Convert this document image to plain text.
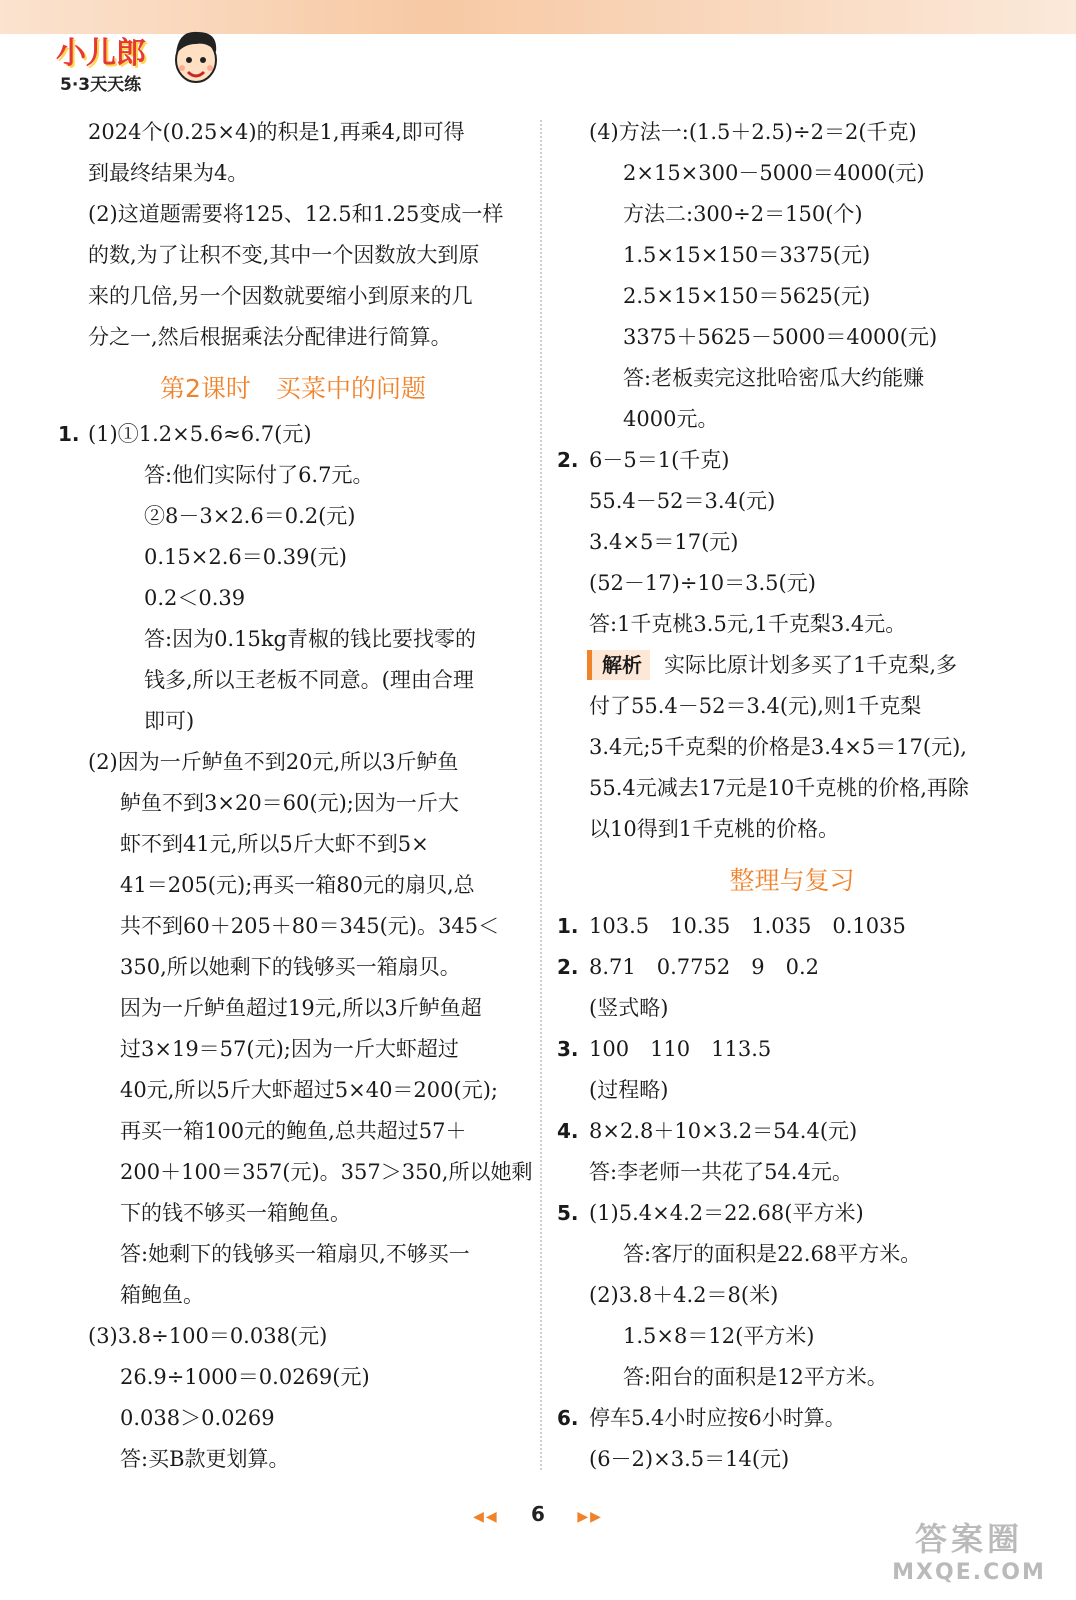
小儿郎
5·3天天练
2024个(0.25×4)的积是1,再乘4,即可得
到最终结果为4。
(2)这道题需要将125、12.5和1.25变成一样
的数,为了让积不变,其中一个因数放大到原
来的几倍,另一个因数就要缩小到原来的几
分之一,然后根据乘法分配律进行简算。
第2课时　买菜中的问题
1. (1)①1.2×5.6≈6.7(元)
答:他们实际付了6.7元。
②8－3×2.6＝0.2(元)
0.15×2.6＝0.39(元)
0.2＜0.39
答:因为0.15kg青椒的钱比要找零的
钱多,所以王老板不同意。(理由合理
即可)
(2)因为一斤鲈鱼不到20元,所以3斤鲈鱼
鲈鱼不到3×20＝60(元);因为一斤大
虾不到41元,所以5斤大虾不到5×
41＝205(元);再买一箱80元的扇贝,总
共不到60＋205＋80＝345(元)。345＜
350,所以她剩下的钱够买一箱扇贝。
因为一斤鲈鱼超过19元,所以3斤鲈鱼超
过3×19＝57(元);因为一斤大虾超过
40元,所以5斤大虾超过5×40＝200(元);
再买一箱100元的鲍鱼,总共超过57＋
200＋100＝357(元)。357＞350,所以她剩
下的钱不够买一箱鲍鱼。
答:她剩下的钱够买一箱扇贝,不够买一
箱鲍鱼。
(3)3.8÷100＝0.038(元)
26.9÷1000＝0.0269(元)
0.038＞0.0269
答:买B款更划算。
(4)方法一:(1.5＋2.5)÷2＝2(千克)
2×15×300－5000＝4000(元)
方法二:300÷2＝150(个)
1.5×15×150＝3375(元)
2.5×15×150＝5625(元)
3375＋5625－5000＝4000(元)
答:老板卖完这批哈密瓜大约能赚
4000元。
2. 6－5＝1(千克)
55.4－52＝3.4(元)
3.4×5＝17(元)
(52－17)÷10＝3.5(元)
答:1千克桃3.5元,1千克梨3.4元。
解析 实际比原计划多买了1千克梨,多
付了55.4－52＝3.4(元),则1千克梨
3.4元;5千克梨的价格是3.4×5＝17(元),
55.4元减去17元是10千克桃的价格,再除
以10得到1千克桃的价格。
整理与复习
1. 103.5　10.35　1.035　0.1035
2. 8.71　0.7752　9　0.2
(竖式略)
3. 100　110　113.5
(过程略)
4. 8×2.8＋10×3.2＝54.4(元)
答:李老师一共花了54.4元。
5. (1)5.4×4.2＝22.68(平方米)
答:客厅的面积是22.68平方米。
(2)3.8＋4.2＝8(米)
1.5×8＝12(平方米)
答:阳台的面积是12平方米。
6. 停车5.4小时应按6小时算。
(6－2)×3.5＝14(元)
◀◀ 6 ▶▶
答案圈
MXQE.COM
